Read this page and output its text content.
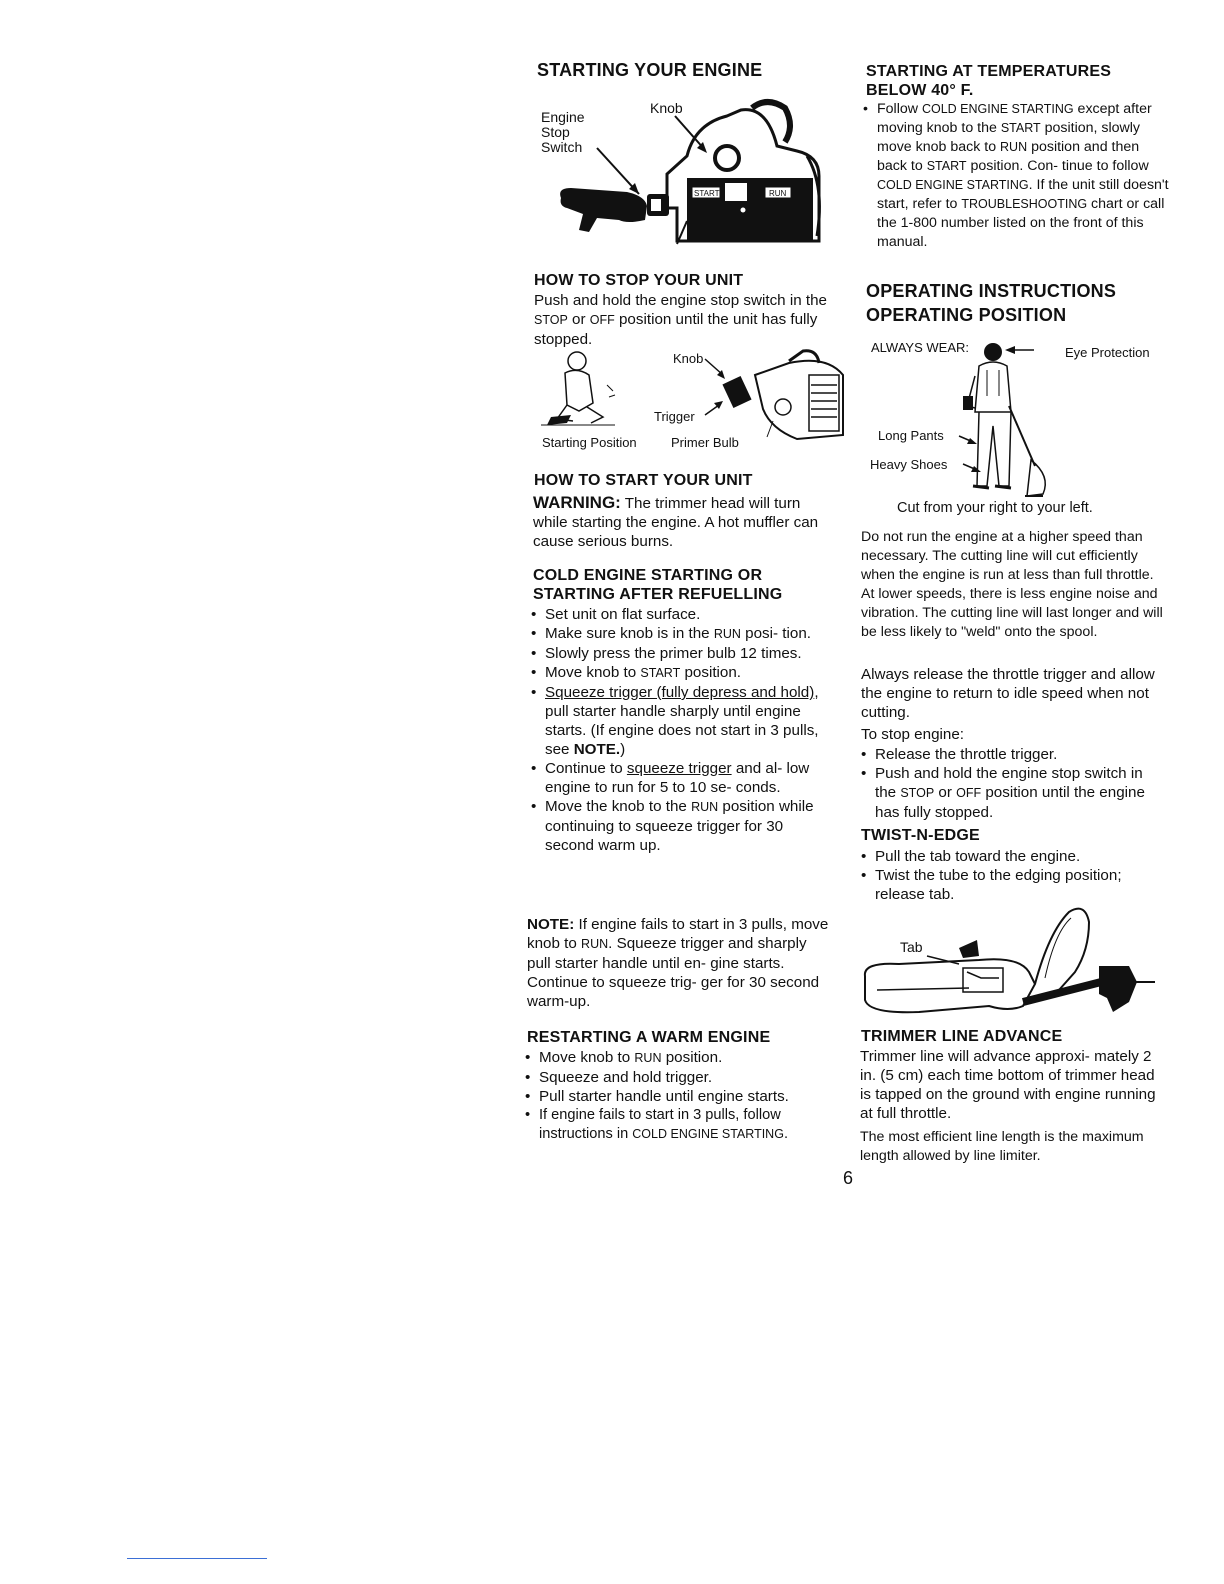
STARTING YOUR ENGINE
Engine
Stop
Switch
Knob
START	RUN
HOW TO STOP YOUR UNIT

Push and hold the engine stop switch in the STOP or OFF position until the unit has fully stopped.

Knob
Trigger
Starting Position	Primer Bulb
HOW TO START YOUR UNIT

WARNING: The trimmer head will turn while starting the engine. A hot muffler can cause serious burns.

COLD ENGINE STARTING OR
STARTING AFTER REFUELLING
• Set unit on flat surface.
• Make sure knob is in the RUN posi- tion.
• Slowly press the primer bulb 12 times.
• Move knob to START position.
• Squeeze trigger (fully depress and hold), pull starter handle sharply until engine starts. (If engine does not start in 3 pulls, see NOTE.)
• Continue to squeeze trigger and al- low engine to run for 5 to 10 se- conds.
• Move the knob to the RUN position while continuing to squeeze trigger for 30 second warm up.

NOTE: If engine fails to start in 3 pulls, move knob to RUN. Squeeze trigger and sharply pull starter handle until en- gine starts. Continue to squeeze trig- ger for 30 second warm-up.

RESTARTING A WARM ENGINE
• Move knob to RUN position.
• Squeeze and hold trigger.
• Pull starter handle until engine starts.
• If engine fails to start in 3 pulls, follow instructions in COLD ENGINE STARTING.
STARTING AT TEMPERATURES
BELOW 40° F.
• Follow COLD ENGINE STARTING except after moving knob to the START position, slowly move knob back to RUN position and then back to START position. Con- tinue to follow COLD ENGINE STARTING. If the unit still doesn't start, refer to TROUBLESHOOTING chart or call the 1-800 number listed on the front of this manual.
OPERATING INSTRUCTIONS
OPERATING POSITION
ALWAYS WEAR:	Eye Protection
Long Pants
Heavy Shoes
Cut from your right to your left.

Do not run the engine at a higher speed than necessary. The cutting line will cut efficiently when the engine is run at less than full throttle. At lower speeds, there is less engine noise and vibration. The cutting line will last longer and will be less likely to "weld" onto the spool.

Always release the throttle trigger and allow the engine to return to idle speed when not cutting.

To stop engine:

• Release the throttle trigger.
• Push and hold the engine stop switch in the STOP or OFF position until the engine has fully stopped.
TWIST-N-EDGE
• Pull the tab toward the engine.
• Twist the tube to the edging position; release tab.
Tab
TRIMMER LINE ADVANCE

Trimmer line will advance approxi- mately 2 in. (5 cm) each time bottom of trimmer head is tapped on the ground with engine running at full throttle.

The most efficient line length is the maximum length allowed by line limiter.

6
